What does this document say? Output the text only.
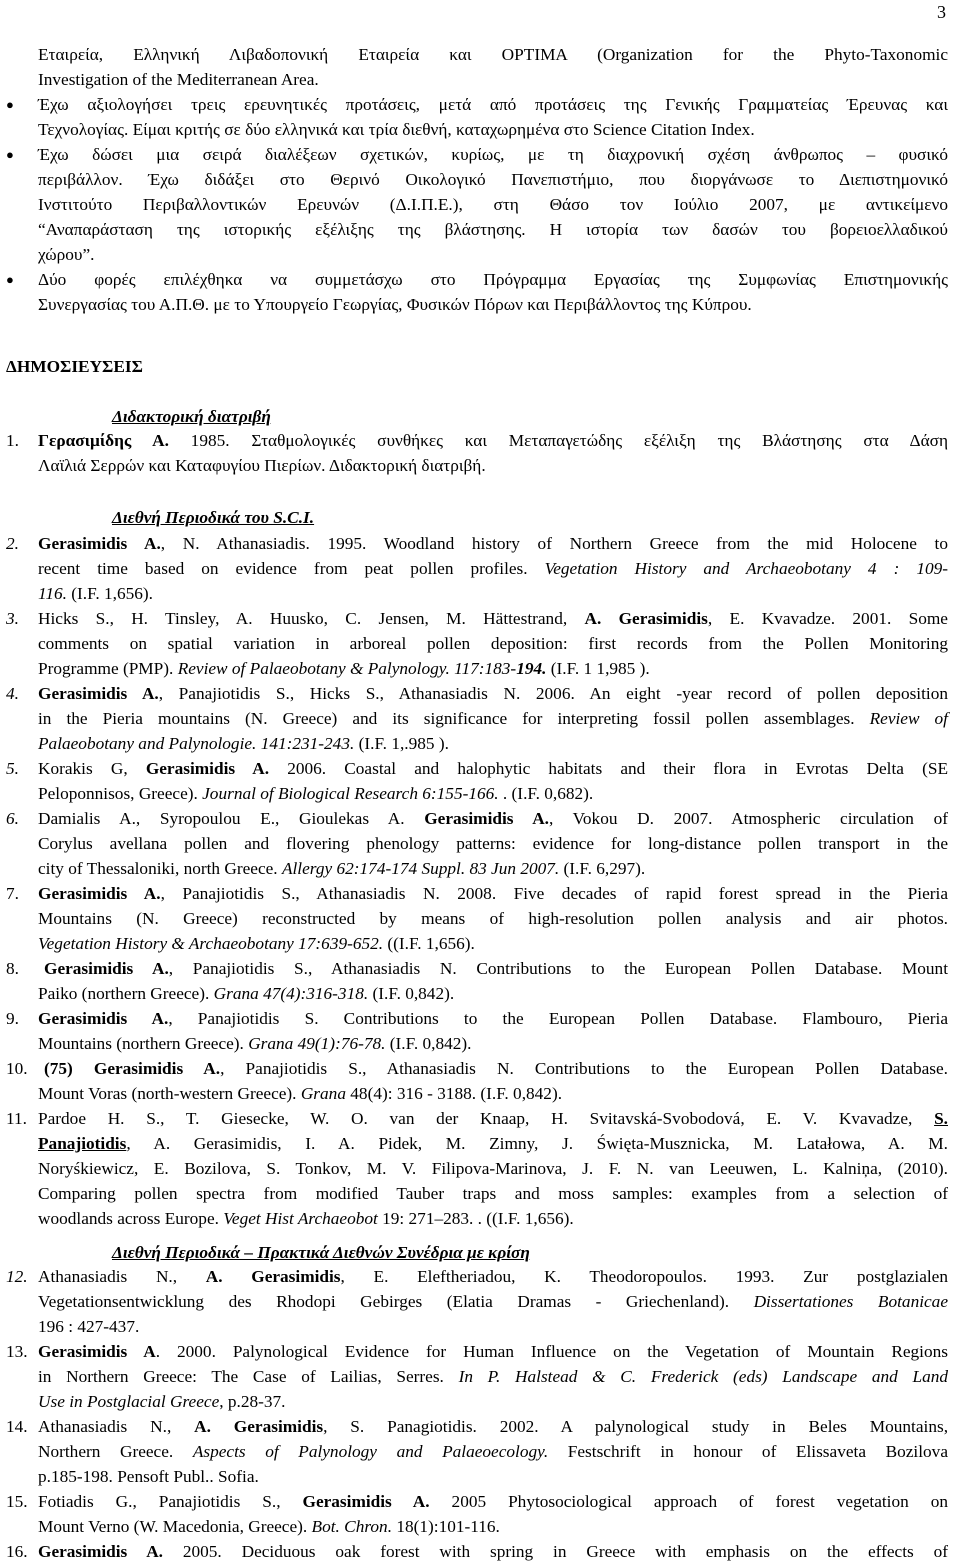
3
Εταιρεία, Ελληνική Λιβαδοπονική Εταιρεία και OPTIMA (Organization for the Phyto-Taxonomic
Investigation of the Mediterranean Area.
● Έχω αξιολογήσει τρεις ερευνητικές προτάσεις, μετά από προτάσεις της Γενικής Γραμματείας Έρευνας και
Τεχνολογίας. Είμαι κριτής σε δύο ελληνικά και τρία διεθνή, καταχωρημένα στο Science Citation Index.
● Έχω δώσει μια σειρά διαλέξεων σχετικών, κυρίως, με τη διαχρονική σχέση άνθρωπος – φυσικό
περιβάλλον. Έχω διδάξει στο Θερινό Οικολογικό Πανεπιστήμιο, που διοργάνωσε το Διεπιστημονικό
Ινστιτούτο Περιβαλλοντικών Ερευνών (Δ.Ι.Π.Ε.), στη Θάσο τον Ιούλιο 2007, με αντικείμενο
“Αναπαράσταση της ιστορικής εξέλιξης της βλάστησης. Η ιστορία των δασών του βορειοελλαδικού
χώρου”.
● Δύο φορές επιλέχθηκα να συμμετάσχω στο Πρόγραμμα Εργασίας της Συμφωνίας Επιστημονικής
Συνεργασίας του Α.Π.Θ. με το Υπουργείο Γεωργίας, Φυσικών Πόρων και Περιβάλλοντος της Κύπρου.
ΔΗΜΟΣΙΕΥΣΕΙΣ
Διδακτορική διατριβή
1. Γερασιμίδης Α. 1985. Σταθμολογικές συνθήκες και Μεταπαγετώδης εξέλιξη της Βλάστησης στα Δάση
Λαϊλιά Σερρών και Καταφυγίου Πιερίων. Διδακτορική διατριβή.
Διεθνή Περιοδικά του S.C.I.
2. Gerasimidis A., N. Athanasiadis. 1995. Woodland history of Northern Greece from the mid Holocene to
recent time based on evidence from peat pollen profiles. Vegetation History and Archaeobotany 4 : 109-
116. (I.F. 1,656).
3. Hicks S., H. Tinsley, A. Huusko, C. Jensen, M. Hättestrand, A. Gerasimidis, E. Kvavadze. 2001. Some
comments on spatial variation in arboreal pollen deposition: first records from the Pollen Monitoring
Programme (PMP). Review of Palaeobotany & Palynology. 117:183-194. (I.F. 1 1,985 ).
4. Gerasimidis A., Panajiotidis S., Hicks S., Athanasiadis N. 2006. An eight -year record of pollen deposition
in the Pieria mountains (N. Greece) and its significance for interpreting fossil pollen assemblages. Review of
Palaeobotany and Palynologie. 141:231-243. (I.F. 1,.985 ).
5. Korakis G, Gerasimidis A. 2006. Coastal and halophytic habitats and their flora in Evrotas Delta (SE
Peloponnisos, Greece). Journal of Biological Research 6:155-166. . (I.F. 0,682).
6. Damialis A., Syropoulou E., Gioulekas A. Gerasimidis A., Vokou D. 2007. Atmospheric circulation of
Corylus avellana pollen and flovering phenology patterns: evidence for long-distance pollen transport in the
city of Thessaloniki, north Greece. Allergy 62:174-174 Suppl. 83 Jun 2007. (I.F. 6,297).
7. Gerasimidis A., Panajiotidis S., Athanasiadis N. 2008. Five decades of rapid forest spread in the Pieria
Mountains (N. Greece) reconstructed by means of high-resolution pollen analysis and air photos.
Vegetation History & Archaeobotany 17:639-652. ((I.F. 1,656).
8. Gerasimidis A., Panajiotidis S., Athanasiadis N. Contributions to the European Pollen Database. Mount
Paiko (northern Greece). Grana 47(4):316-318. (I.F. 0,842).
9. Gerasimidis A., Panajiotidis S. Contributions to the European Pollen Database. Flambouro, Pieria
Mountains (northern Greece). Grana 49(1):76-78. (I.F. 0,842).
10. (75) Gerasimidis A., Panajiotidis S., Athanasiadis N. Contributions to the European Pollen Database.
Mount Voras (north-western Greece). Grana 48(4): 316 - 3188. (I.F. 0,842).
11. Pardoe H. S., T. Giesecke, W. O. van der Knaap, H. Svitavská-Svobodová, E. V. Kvavadze, S.
Panajiotidis, A. Gerasimidis, I. A. Pidek, M. Zimny, J. Święta-Musznicka, M. Latałowa, A. M.
Noryśkiewicz, E. Bozilova, S. Tonkov, M. V. Filipova-Marinova, J. F. N. van Leeuwen, L. Kalniņa, (2010).
Comparing pollen spectra from modified Tauber traps and moss samples: examples from a selection of
woodlands across Europe. Veget Hist Archaeobot 19: 271–283. . ((I.F. 1,656).
Διεθνή Περιοδικά – Πρακτικά Διεθνών Συνέδρια με κρίση
12. Athanasiadis N., A. Gerasimidis, E. Eleftheriadou, K. Theodoropoulos. 1993. Zur postglazialen
Vegetationsentwicklung des Rhodopi Gebirges (Elatia Dramas - Griechenland). Dissertationes Botanicae
196 : 427-437.
13. Gerasimidis A. 2000. Palynological Evidence for Human Influence on the Vegetation of Mountain Regions
in Northern Greece: The Case of Lailias, Serres. In P. Halstead & C. Frederick (eds) Landscape and Land
Use in Postglacial Greece, p.28-37.
14. Athanasiadis N., A. Gerasimidis, S. Panagiotidis. 2002. A palynological study in Beles Mountains,
Northern Greece. Aspects of Palynology and Palaeoecology. Festschrift in honour of Elissaveta Bozilova
p.185-198. Pensoft Publ.. Sofia.
15. Fotiadis G., Panajiotidis S., Gerasimidis A. 2005 Phytosociological approach of forest vegetation on
Mount Verno (W. Macedonia, Greece). Bot. Chron. 18(1):101-116.
16. Gerasimidis A. 2005. Deciduous oak forest with spring in Greece with emphasis on the effects of
